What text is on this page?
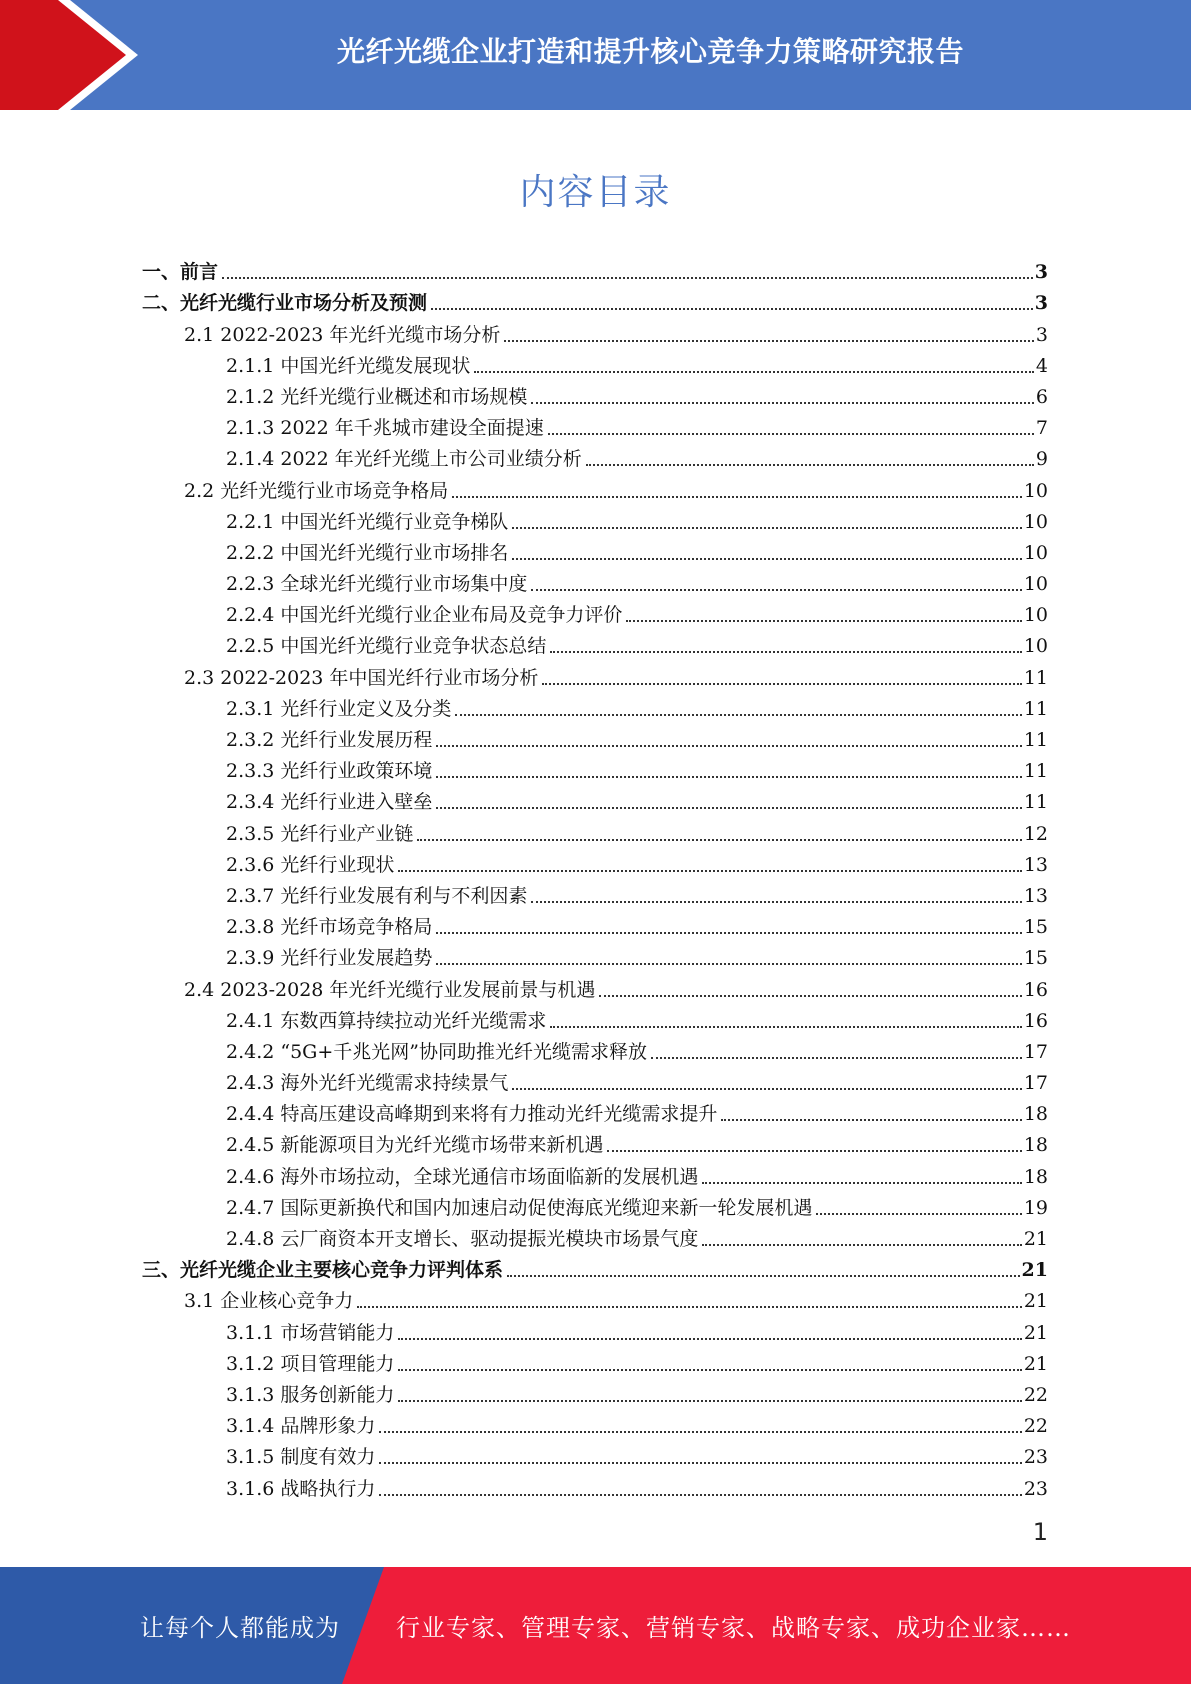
光纤光缆企业打造和提升核心竞争力策略研究报告
内容目录
一、前言	3
二、光纤光缆行业市场分析及预测	3
2.1 2022-2023 年光纤光缆市场分析	3
2.1.1 中国光纤光缆发展现状	4
2.1.2 光纤光缆行业概述和市场规模	6
2.1.3 2022 年千兆城市建设全面提速	7
2.1.4 2022 年光纤光缆上市公司业绩分析	9
2.2 光纤光缆行业市场竞争格局	10
2.2.1 中国光纤光缆行业竞争梯队	10
2.2.2 中国光纤光缆行业市场排名	10
2.2.3 全球光纤光缆行业市场集中度	10
2.2.4 中国光纤光缆行业企业布局及竞争力评价	10
2.2.5 中国光纤光缆行业竞争状态总结	10
2.3 2022-2023 年中国光纤行业市场分析	11
2.3.1 光纤行业定义及分类	11
2.3.2 光纤行业发展历程	11
2.3.3 光纤行业政策环境	11
2.3.4 光纤行业进入壁垒	11
2.3.5 光纤行业产业链	12
2.3.6 光纤行业现状	13
2.3.7 光纤行业发展有利与不利因素	13
2.3.8 光纤市场竞争格局	15
2.3.9 光纤行业发展趋势	15
2.4 2023-2028 年光纤光缆行业发展前景与机遇	16
2.4.1 东数西算持续拉动光纤光缆需求	16
2.4.2 “5G+千兆光网”协同助推光纤光缆需求释放	17
2.4.3 海外光纤光缆需求持续景气	17
2.4.4 特高压建设高峰期到来将有力推动光纤光缆需求提升	18
2.4.5 新能源项目为光纤光缆市场带来新机遇	18
2.4.6 海外市场拉动，全球光通信市场面临新的发展机遇	18
2.4.7 国际更新换代和国内加速启动促使海底光缆迎来新一轮发展机遇	19
2.4.8 云厂商资本开支增长、驱动提振光模块市场景气度	21
三、光纤光缆企业主要核心竞争力评判体系	21
3.1 企业核心竞争力	21
3.1.1 市场营销能力	21
3.1.2 项目管理能力	21
3.1.3 服务创新能力	22
3.1.4 品牌形象力	22
3.1.5 制度有效力	23
3.1.6 战略执行力	23
1
让每个人都能成为 行业专家、管理专家、营销专家、战略专家、成功企业家……
